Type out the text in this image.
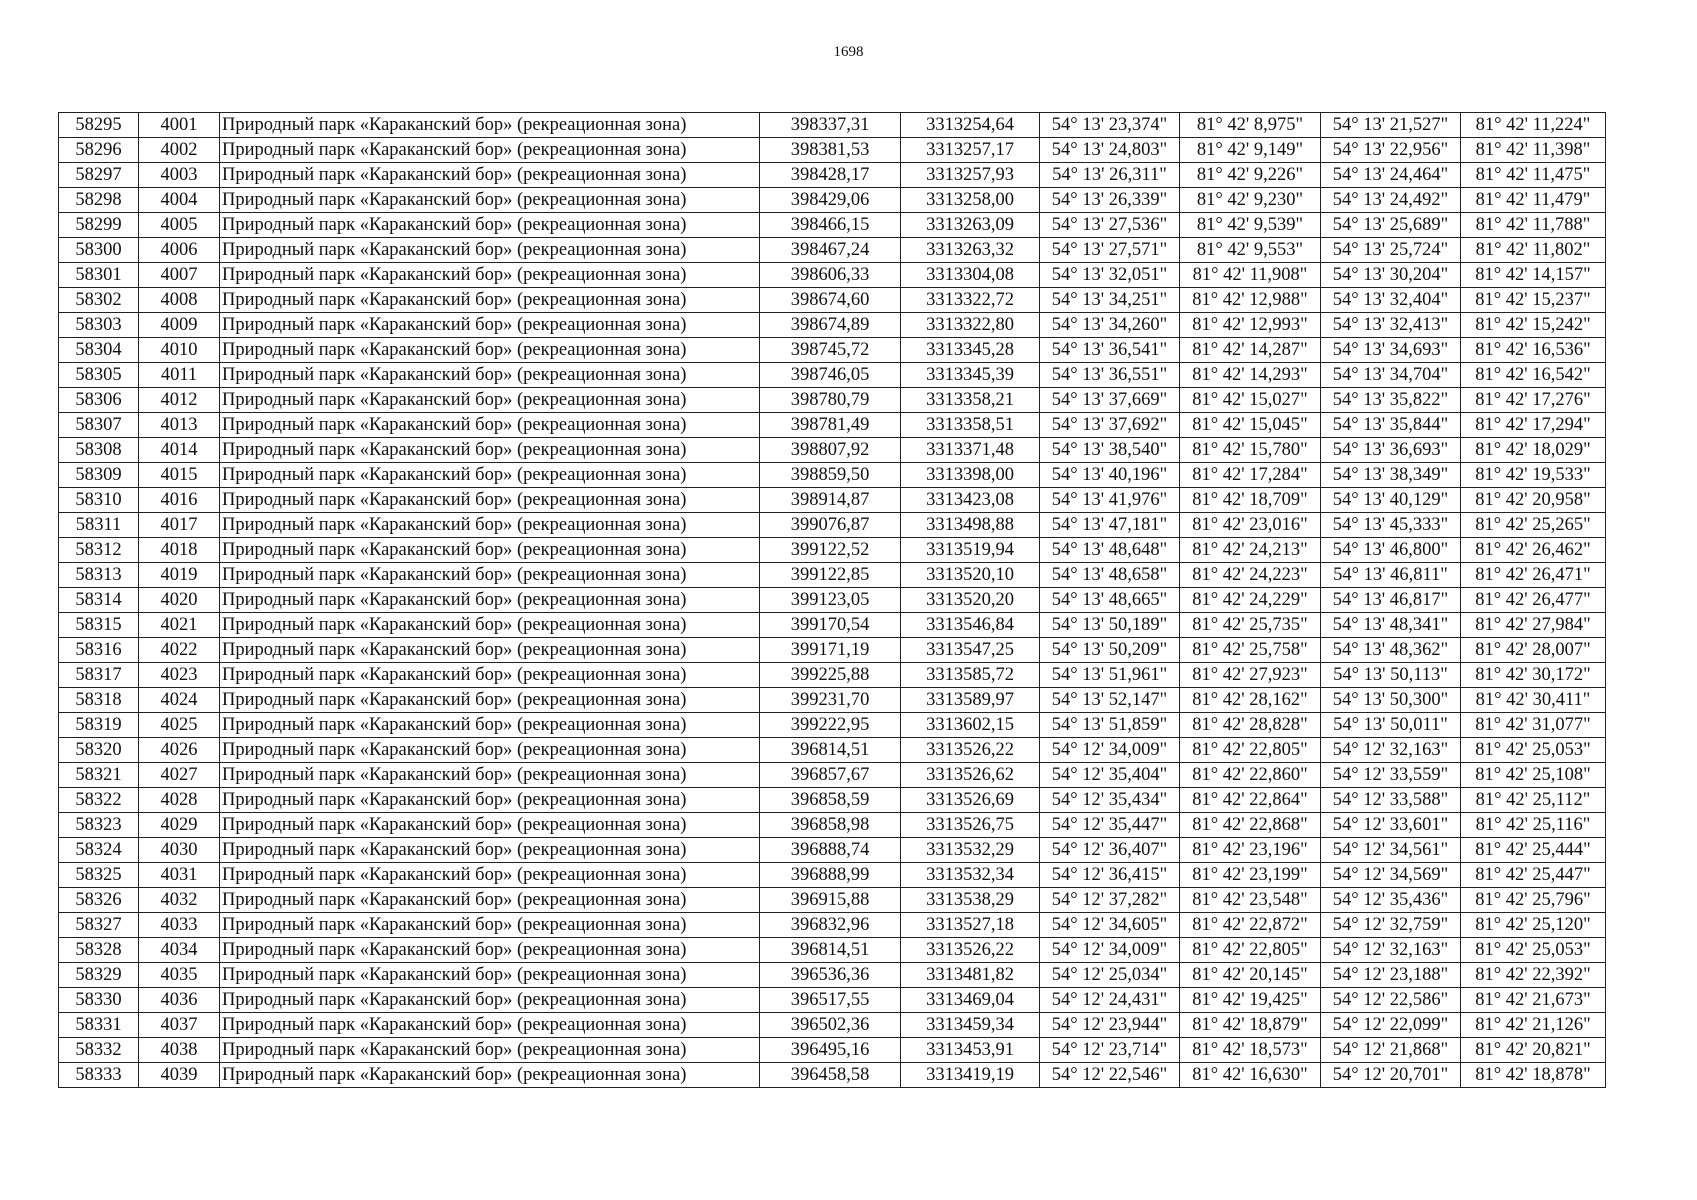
1698
58295	4001	Природный парк «Караканский бор» (рекреационная зона)	398337,31	3313254,64	54° 13' 23,374"	81° 42' 8,975"	54° 13' 21,527"	81° 42' 11,224"
58296	4002	Природный парк «Караканский бор» (рекреационная зона)	398381,53	3313257,17	54° 13' 24,803"	81° 42' 9,149"	54° 13' 22,956"	81° 42' 11,398"
58297	4003	Природный парк «Караканский бор» (рекреационная зона)	398428,17	3313257,93	54° 13' 26,311"	81° 42' 9,226"	54° 13' 24,464"	81° 42' 11,475"
58298	4004	Природный парк «Караканский бор» (рекреационная зона)	398429,06	3313258,00	54° 13' 26,339"	81° 42' 9,230"	54° 13' 24,492"	81° 42' 11,479"
58299	4005	Природный парк «Караканский бор» (рекреационная зона)	398466,15	3313263,09	54° 13' 27,536"	81° 42' 9,539"	54° 13' 25,689"	81° 42' 11,788"
58300	4006	Природный парк «Караканский бор» (рекреационная зона)	398467,24	3313263,32	54° 13' 27,571"	81° 42' 9,553"	54° 13' 25,724"	81° 42' 11,802"
58301	4007	Природный парк «Караканский бор» (рекреационная зона)	398606,33	3313304,08	54° 13' 32,051"	81° 42' 11,908"	54° 13' 30,204"	81° 42' 14,157"
58302	4008	Природный парк «Караканский бор» (рекреационная зона)	398674,60	3313322,72	54° 13' 34,251"	81° 42' 12,988"	54° 13' 32,404"	81° 42' 15,237"
58303	4009	Природный парк «Караканский бор» (рекреационная зона)	398674,89	3313322,80	54° 13' 34,260"	81° 42' 12,993"	54° 13' 32,413"	81° 42' 15,242"
58304	4010	Природный парк «Караканский бор» (рекреационная зона)	398745,72	3313345,28	54° 13' 36,541"	81° 42' 14,287"	54° 13' 34,693"	81° 42' 16,536"
58305	4011	Природный парк «Караканский бор» (рекреационная зона)	398746,05	3313345,39	54° 13' 36,551"	81° 42' 14,293"	54° 13' 34,704"	81° 42' 16,542"
58306	4012	Природный парк «Караканский бор» (рекреационная зона)	398780,79	3313358,21	54° 13' 37,669"	81° 42' 15,027"	54° 13' 35,822"	81° 42' 17,276"
58307	4013	Природный парк «Караканский бор» (рекреационная зона)	398781,49	3313358,51	54° 13' 37,692"	81° 42' 15,045"	54° 13' 35,844"	81° 42' 17,294"
58308	4014	Природный парк «Караканский бор» (рекреационная зона)	398807,92	3313371,48	54° 13' 38,540"	81° 42' 15,780"	54° 13' 36,693"	81° 42' 18,029"
58309	4015	Природный парк «Караканский бор» (рекреационная зона)	398859,50	3313398,00	54° 13' 40,196"	81° 42' 17,284"	54° 13' 38,349"	81° 42' 19,533"
58310	4016	Природный парк «Караканский бор» (рекреационная зона)	398914,87	3313423,08	54° 13' 41,976"	81° 42' 18,709"	54° 13' 40,129"	81° 42' 20,958"
58311	4017	Природный парк «Караканский бор» (рекреационная зона)	399076,87	3313498,88	54° 13' 47,181"	81° 42' 23,016"	54° 13' 45,333"	81° 42' 25,265"
58312	4018	Природный парк «Караканский бор» (рекреационная зона)	399122,52	3313519,94	54° 13' 48,648"	81° 42' 24,213"	54° 13' 46,800"	81° 42' 26,462"
58313	4019	Природный парк «Караканский бор» (рекреационная зона)	399122,85	3313520,10	54° 13' 48,658"	81° 42' 24,223"	54° 13' 46,811"	81° 42' 26,471"
58314	4020	Природный парк «Караканский бор» (рекреационная зона)	399123,05	3313520,20	54° 13' 48,665"	81° 42' 24,229"	54° 13' 46,817"	81° 42' 26,477"
58315	4021	Природный парк «Караканский бор» (рекреационная зона)	399170,54	3313546,84	54° 13' 50,189"	81° 42' 25,735"	54° 13' 48,341"	81° 42' 27,984"
58316	4022	Природный парк «Караканский бор» (рекреационная зона)	399171,19	3313547,25	54° 13' 50,209"	81° 42' 25,758"	54° 13' 48,362"	81° 42' 28,007"
58317	4023	Природный парк «Караканский бор» (рекреационная зона)	399225,88	3313585,72	54° 13' 51,961"	81° 42' 27,923"	54° 13' 50,113"	81° 42' 30,172"
58318	4024	Природный парк «Караканский бор» (рекреационная зона)	399231,70	3313589,97	54° 13' 52,147"	81° 42' 28,162"	54° 13' 50,300"	81° 42' 30,411"
58319	4025	Природный парк «Караканский бор» (рекреационная зона)	399222,95	3313602,15	54° 13' 51,859"	81° 42' 28,828"	54° 13' 50,011"	81° 42' 31,077"
58320	4026	Природный парк «Караканский бор» (рекреационная зона)	396814,51	3313526,22	54° 12' 34,009"	81° 42' 22,805"	54° 12' 32,163"	81° 42' 25,053"
58321	4027	Природный парк «Караканский бор» (рекреационная зона)	396857,67	3313526,62	54° 12' 35,404"	81° 42' 22,860"	54° 12' 33,559"	81° 42' 25,108"
58322	4028	Природный парк «Караканский бор» (рекреационная зона)	396858,59	3313526,69	54° 12' 35,434"	81° 42' 22,864"	54° 12' 33,588"	81° 42' 25,112"
58323	4029	Природный парк «Караканский бор» (рекреационная зона)	396858,98	3313526,75	54° 12' 35,447"	81° 42' 22,868"	54° 12' 33,601"	81° 42' 25,116"
58324	4030	Природный парк «Караканский бор» (рекреационная зона)	396888,74	3313532,29	54° 12' 36,407"	81° 42' 23,196"	54° 12' 34,561"	81° 42' 25,444"
58325	4031	Природный парк «Караканский бор» (рекреационная зона)	396888,99	3313532,34	54° 12' 36,415"	81° 42' 23,199"	54° 12' 34,569"	81° 42' 25,447"
58326	4032	Природный парк «Караканский бор» (рекреационная зона)	396915,88	3313538,29	54° 12' 37,282"	81° 42' 23,548"	54° 12' 35,436"	81° 42' 25,796"
58327	4033	Природный парк «Караканский бор» (рекреационная зона)	396832,96	3313527,18	54° 12' 34,605"	81° 42' 22,872"	54° 12' 32,759"	81° 42' 25,120"
58328	4034	Природный парк «Караканский бор» (рекреационная зона)	396814,51	3313526,22	54° 12' 34,009"	81° 42' 22,805"	54° 12' 32,163"	81° 42' 25,053"
58329	4035	Природный парк «Караканский бор» (рекреационная зона)	396536,36	3313481,82	54° 12' 25,034"	81° 42' 20,145"	54° 12' 23,188"	81° 42' 22,392"
58330	4036	Природный парк «Караканский бор» (рекреационная зона)	396517,55	3313469,04	54° 12' 24,431"	81° 42' 19,425"	54° 12' 22,586"	81° 42' 21,673"
58331	4037	Природный парк «Караканский бор» (рекреационная зона)	396502,36	3313459,34	54° 12' 23,944"	81° 42' 18,879"	54° 12' 22,099"	81° 42' 21,126"
58332	4038	Природный парк «Караканский бор» (рекреационная зона)	396495,16	3313453,91	54° 12' 23,714"	81° 42' 18,573"	54° 12' 21,868"	81° 42' 20,821"
58333	4039	Природный парк «Караканский бор» (рекреационная зона)	396458,58	3313419,19	54° 12' 22,546"	81° 42' 16,630"	54° 12' 20,701"	81° 42' 18,878"
